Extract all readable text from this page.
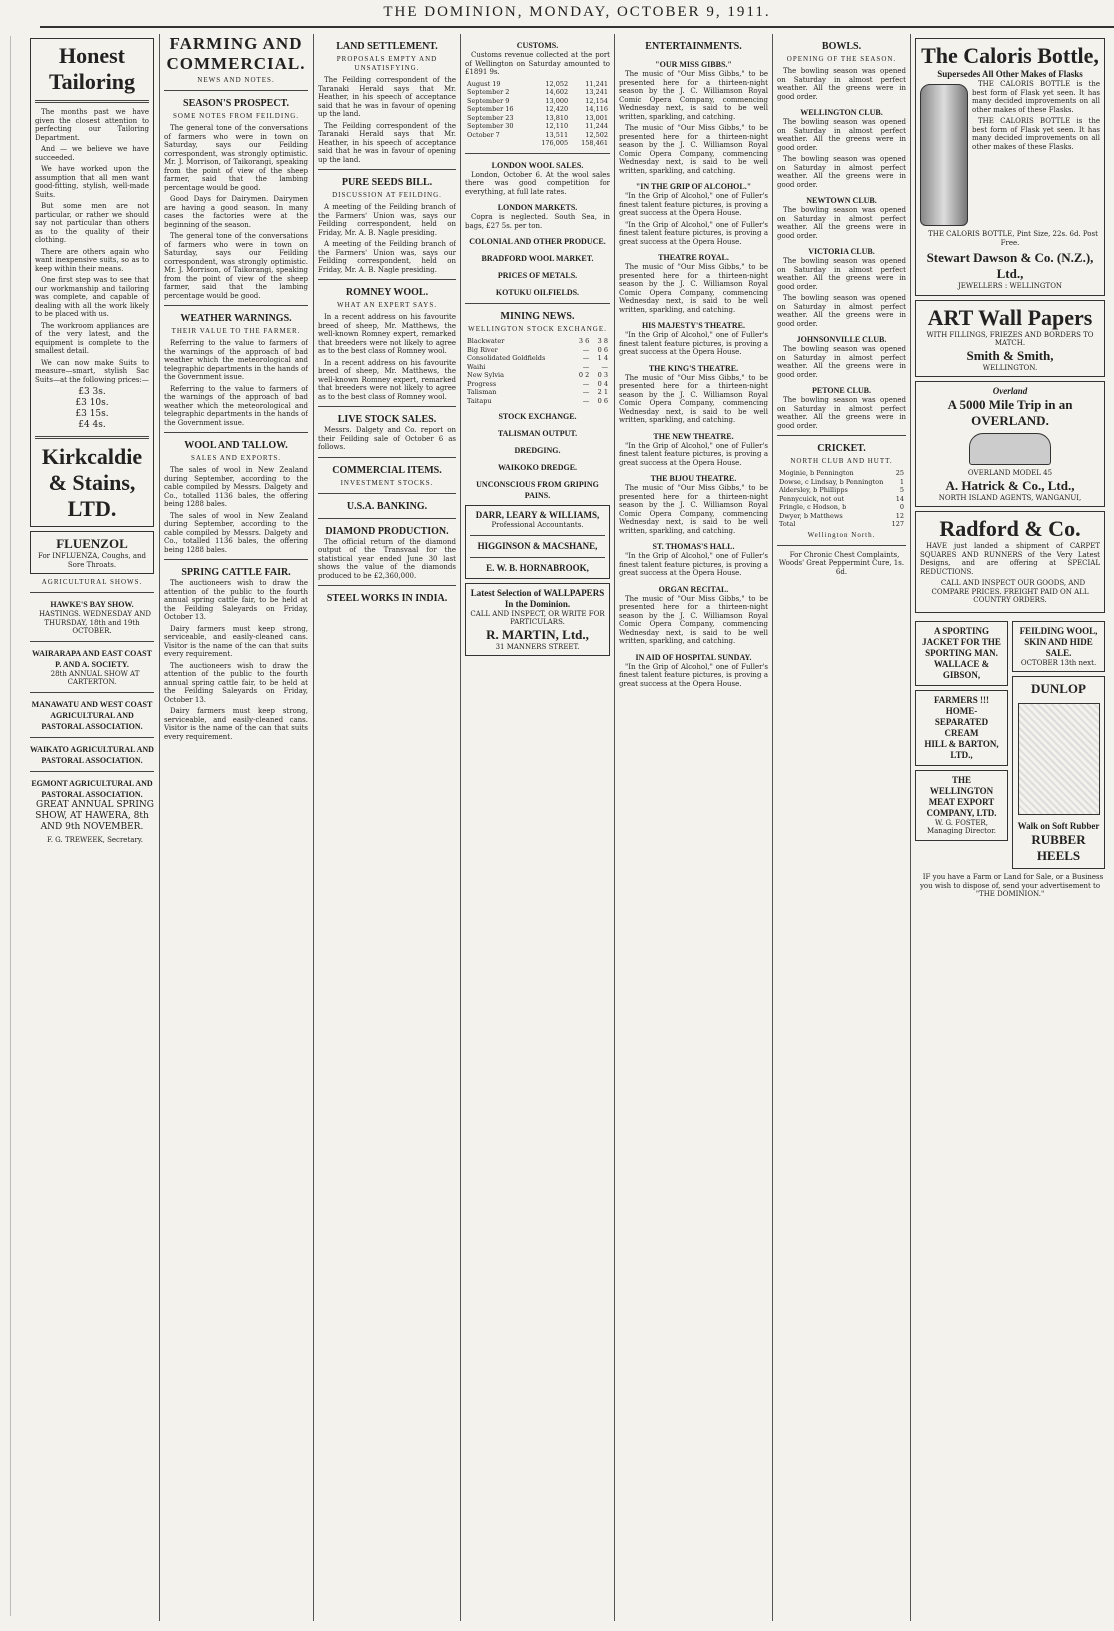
THE DOMINION, MONDAY, OCTOBER 9, 1911.
Honest Tailoring

The months past we have given the closest attention to perfecting our Tailoring Department.

And — we believe we have succeeded.

We have worked upon the assumption that all men want good-fitting, stylish, well-made Suits.

But some men are not particular, or rather we should say not particular than others as to the quality of their clothing.

There are others again who want inexpensive suits, so as to keep within their means.

One first step was to see that our workmanship and tailoring was complete, and capable of dealing with all the work likely to be placed with us.

The workroom appliances are of the very latest, and the equipment is complete to the smallest detail.

We can now make Suits to measure—smart, stylish Sac Suits—at the following prices:—

£3 3s.
£3 10s.
£3 15s.
£4 4s.
Kirkcaldie & Stains, LTD.
FLUENZOL
For INFLUENZA, Coughs, and Sore Throats.
AGRICULTURAL SHOWS.
HAWKE'S BAY SHOW.

HASTINGS. WEDNESDAY AND THURSDAY, 18th and 19th OCTOBER.

WAIRARAPA AND EAST COAST P. AND A. SOCIETY.

28th ANNUAL SHOW AT CARTERTON.

MANAWATU AND WEST COAST AGRICULTURAL AND PASTORAL ASSOCIATION.
WAIKATO AGRICULTURAL AND PASTORAL ASSOCIATION.
EGMONT AGRICULTURAL AND PASTORAL ASSOCIATION.

GREAT ANNUAL SPRING SHOW, AT HAWERA, 8th AND 9th NOVEMBER.

F. G. TREWEEK, Secretary.

FARMING AND COMMERCIAL.
NEWS AND NOTES.
SEASON'S PROSPECT.
SOME NOTES FROM FEILDING.

The general tone of the conversations of farmers who were in town on Saturday, says our Feilding correspondent, was strongly optimistic. Mr. J. Morrison, of Taikorangi, speaking from the point of view of the sheep farmer, said that the lambing percentage would be good.

Good Days for Dairymen. Dairymen are having a good season. In many cases the factories were at the beginning of the season.

The general tone of the conversations of farmers who were in town on Saturday, says our Feilding correspondent, was strongly optimistic. Mr. J. Morrison, of Taikorangi, speaking from the point of view of the sheep farmer, said that the lambing percentage would be good.

WEATHER WARNINGS.
THEIR VALUE TO THE FARMER.

Referring to the value to farmers of the warnings of the approach of bad weather which the meteorological and telegraphic departments in the hands of the Government issue.

Referring to the value to farmers of the warnings of the approach of bad weather which the meteorological and telegraphic departments in the hands of the Government issue.

WOOL AND TALLOW.
SALES AND EXPORTS.

The sales of wool in New Zealand during September, according to the cable compiled by Messrs. Dalgety and Co., totalled 1136 bales, the offering being 1288 bales.

The sales of wool in New Zealand during September, according to the cable compiled by Messrs. Dalgety and Co., totalled 1136 bales, the offering being 1288 bales.

SPRING CATTLE FAIR.

The auctioneers wish to draw the attention of the public to the fourth annual spring cattle fair, to be held at the Feilding Saleyards on Friday, October 13.

Dairy farmers must keep strong, serviceable, and easily-cleaned cans. Visitor is the name of the can that suits every requirement.

The auctioneers wish to draw the attention of the public to the fourth annual spring cattle fair, to be held at the Feilding Saleyards on Friday, October 13.

Dairy farmers must keep strong, serviceable, and easily-cleaned cans. Visitor is the name of the can that suits every requirement.

LAND SETTLEMENT.
PROPOSALS EMPTY AND UNSATISFYING.

The Feilding correspondent of the Taranaki Herald says that Mr. Heather, in his speech of acceptance said that he was in favour of opening up the land.

The Feilding correspondent of the Taranaki Herald says that Mr. Heather, in his speech of acceptance said that he was in favour of opening up the land.

PURE SEEDS BILL.
DISCUSSION AT FEILDING.

A meeting of the Feilding branch of the Farmers' Union was, says our Feilding correspondent, held on Friday, Mr. A. B. Nagle presiding.

A meeting of the Feilding branch of the Farmers' Union was, says our Feilding correspondent, held on Friday, Mr. A. B. Nagle presiding.

ROMNEY WOOL.
WHAT AN EXPERT SAYS.

In a recent address on his favourite breed of sheep, Mr. Matthews, the well-known Romney expert, remarked that breeders were not likely to agree as to the best class of Romney wool.

In a recent address on his favourite breed of sheep, Mr. Matthews, the well-known Romney expert, remarked that breeders were not likely to agree as to the best class of Romney wool.

LIVE STOCK SALES.

Messrs. Dalgety and Co. report on their Feilding sale of October 6 as follows.

COMMERCIAL ITEMS.
INVESTMENT STOCKS.
U.S.A. BANKING.
DIAMOND PRODUCTION.

The official return of the diamond output of the Transvaal for the statistical year ended June 30 last shows the value of the diamonds produced to be £2,360,000.

STEEL WORKS IN INDIA.
CUSTOMS.

Customs revenue collected at the port of Wellington on Saturday amounted to £1891 9s.

August 19	12,052	11,241
September 2	14,602	13,241
September 9	13,000	12,154
September 16	12,420	14,116
September 23	13,810	13,001
September 30	12,110	11,244
October 7	13,511	12,502
	176,005	158,461
LONDON WOOL SALES.

London, October 6. At the wool sales there was good competition for everything, at full late rates.

LONDON MARKETS.

Copra is neglected. South Sea, in bags, £27 5s. per ton.

COLONIAL AND OTHER PRODUCE.
BRADFORD WOOL MARKET.
PRICES OF METALS.
KOTUKU OILFIELDS.
MINING NEWS.
WELLINGTON STOCK EXCHANGE.
Blackwater	3 6	3 8
Big River	—	0 6
Consolidated Goldfields	—	1 4
Waihi	—	—
New Sylvia	0 2	0 3
Progress	—	0 4
Talisman	—	2 1
Taitapu	—	0 6
STOCK EXCHANGE.
TALISMAN OUTPUT.
DREDGING.
WAIKOKO DREDGE.
UNCONSCIOUS FROM GRIPING PAINS.
DARR, LEARY & WILLIAMS,
Professional Accountants.
HIGGINSON & MACSHANE,
E. W. B. HORNABROOK,
Latest Selection of WALLPAPERS In the Dominion.
CALL AND INSPECT, OR WRITE FOR PARTICULARS.
R. MARTIN, Ltd.,
31 MANNERS STREET.
ENTERTAINMENTS.
"OUR MISS GIBBS."

The music of "Our Miss Gibbs," to be presented here for a thirteen-night season by the J. C. Williamson Royal Comic Opera Company, commencing Wednesday next, is said to be well written, sparkling, and catching.

The music of "Our Miss Gibbs," to be presented here for a thirteen-night season by the J. C. Williamson Royal Comic Opera Company, commencing Wednesday next, is said to be well written, sparkling, and catching.

"IN THE GRIP OF ALCOHOL."

"In the Grip of Alcohol," one of Fuller's finest talent feature pictures, is proving a great success at the Opera House.

"In the Grip of Alcohol," one of Fuller's finest talent feature pictures, is proving a great success at the Opera House.

THEATRE ROYAL.

The music of "Our Miss Gibbs," to be presented here for a thirteen-night season by the J. C. Williamson Royal Comic Opera Company, commencing Wednesday next, is said to be well written, sparkling, and catching.

HIS MAJESTY'S THEATRE.

"In the Grip of Alcohol," one of Fuller's finest talent feature pictures, is proving a great success at the Opera House.

THE KING'S THEATRE.

The music of "Our Miss Gibbs," to be presented here for a thirteen-night season by the J. C. Williamson Royal Comic Opera Company, commencing Wednesday next, is said to be well written, sparkling, and catching.

THE NEW THEATRE.

"In the Grip of Alcohol," one of Fuller's finest talent feature pictures, is proving a great success at the Opera House.

THE BIJOU THEATRE.

The music of "Our Miss Gibbs," to be presented here for a thirteen-night season by the J. C. Williamson Royal Comic Opera Company, commencing Wednesday next, is said to be well written, sparkling, and catching.

ST. THOMAS'S HALL.

"In the Grip of Alcohol," one of Fuller's finest talent feature pictures, is proving a great success at the Opera House.

ORGAN RECITAL.

The music of "Our Miss Gibbs," to be presented here for a thirteen-night season by the J. C. Williamson Royal Comic Opera Company, commencing Wednesday next, is said to be well written, sparkling, and catching.

IN AID OF HOSPITAL SUNDAY.

"In the Grip of Alcohol," one of Fuller's finest talent feature pictures, is proving a great success at the Opera House.

BOWLS.
OPENING OF THE SEASON.

The bowling season was opened on Saturday in almost perfect weather. All the greens were in good order.

WELLINGTON CLUB.

The bowling season was opened on Saturday in almost perfect weather. All the greens were in good order.

The bowling season was opened on Saturday in almost perfect weather. All the greens were in good order.

NEWTOWN CLUB.

The bowling season was opened on Saturday in almost perfect weather. All the greens were in good order.

VICTORIA CLUB.

The bowling season was opened on Saturday in almost perfect weather. All the greens were in good order.

The bowling season was opened on Saturday in almost perfect weather. All the greens were in good order.

JOHNSONVILLE CLUB.

The bowling season was opened on Saturday in almost perfect weather. All the greens were in good order.

PETONE CLUB.

The bowling season was opened on Saturday in almost perfect weather. All the greens were in good order.

CRICKET.
NORTH CLUB AND HUTT.
Moginie, b Pennington	25
Dowse, c Lindsay, b Pennington	1
Aldersley, b Phillipps	5
Pennycuick, not out	14
Fringle, c Hodson, b	0
Dwyer, b Matthews	12
Total	127
Wellington North.

For Chronic Chest Complaints, Woods' Great Peppermint Cure, 1s. 6d.

The Caloris Bottle,
Supersedes All Other Makes of Flasks

THE CALORIS BOTTLE is the best form of Flask yet seen. It has many decided improvements on all other makes of these Flasks.

THE CALORIS BOTTLE is the best form of Flask yet seen. It has many decided improvements on all other makes of these Flasks.

THE CALORIS BOTTLE, Pint Size, 22s. 6d. Post Free.

Stewart Dawson & Co. (N.Z.), Ltd.,
JEWELLERS : WELLINGTON
ART Wall Papers
WITH FILLINGS, FRIEZES AND BORDERS TO MATCH.
Smith & Smith,
WELLINGTON.
Overland
A 5000 Mile Trip in an OVERLAND.
OVERLAND MODEL 45
A. Hatrick & Co., Ltd.,
NORTH ISLAND AGENTS, WANGANUI,
Radford & Co.

HAVE just landed a shipment of CARPET SQUARES AND RUNNERS of the Very Latest Designs, and are offering at SPECIAL REDUCTIONS.

CALL AND INSPECT OUR GOODS, AND COMPARE PRICES. FREIGHT PAID ON ALL COUNTRY ORDERS.

A SPORTING JACKET FOR THE SPORTING MAN.
WALLACE & GIBSON,
FARMERS !!!
HOME-SEPARATED CREAM
HILL & BARTON, LTD.,
THE WELLINGTON MEAT EXPORT COMPANY, LTD.
W. G. FOSTER, Managing Director.
FEILDING WOOL, SKIN AND HIDE SALE.
OCTOBER 13th next.
DUNLOP
Walk on Soft Rubber
RUBBER HEELS

IF you have a Farm or Land for Sale, or a Business you wish to dispose of, send your advertisement to "THE DOMINION."
